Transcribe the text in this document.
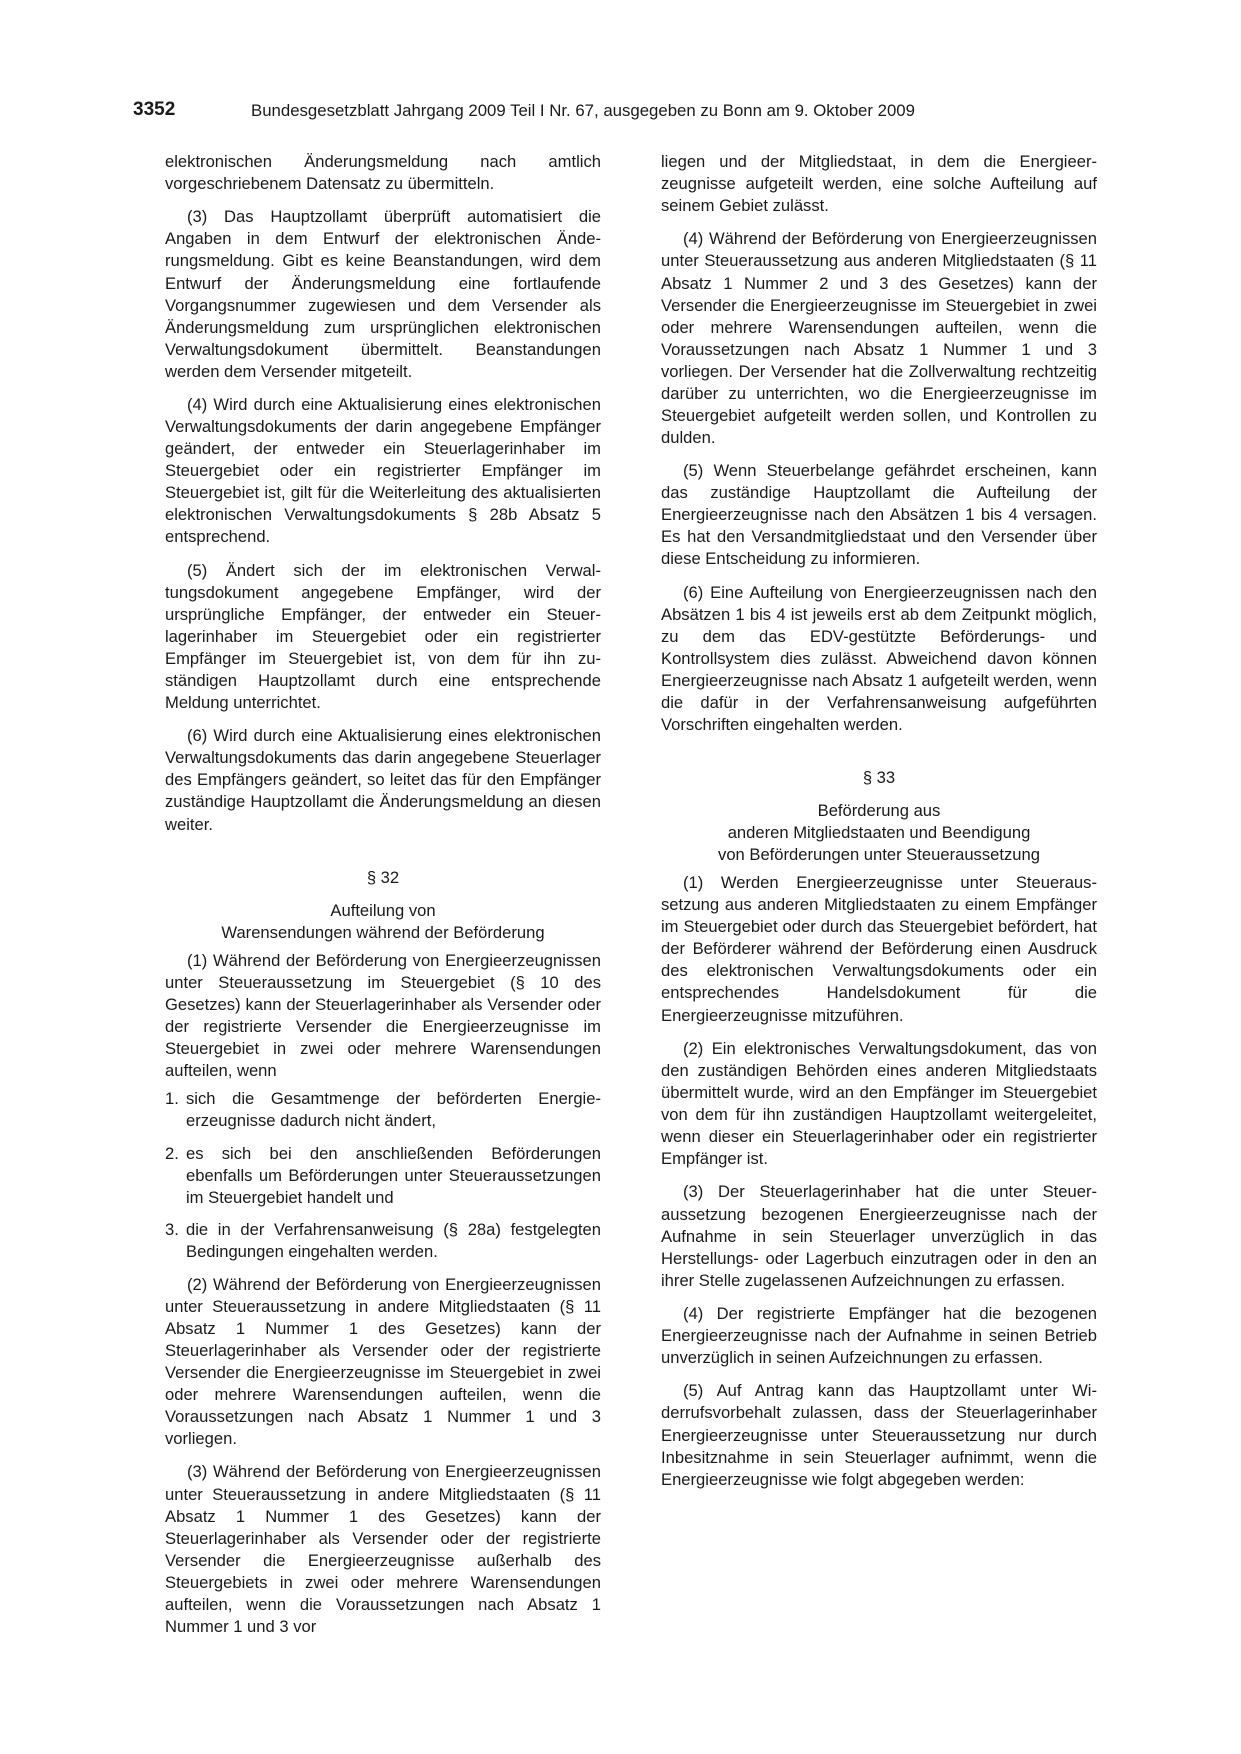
3352	Bundesgesetzblatt Jahrgang 2009 Teil I Nr. 67, ausgegeben zu Bonn am 9. Oktober 2009

elektronischen Änderungsmeldung nach amtlich vorgeschriebenem Datensatz zu übermitteln.

(3) Das Hauptzollamt überprüft automatisiert die Angaben in dem Entwurf der elektronischen Änderungsmeldung. Gibt es keine Beanstandungen, wird dem Entwurf der Änderungsmeldung eine fortlaufende Vorgangsnummer zugewiesen und dem Versender als Änderungsmeldung zum ursprünglichen elektronischen Verwaltungsdokument übermittelt. Beanstandungen werden dem Versender mitgeteilt.

(4) Wird durch eine Aktualisierung eines elektronischen Verwaltungsdokuments der darin angegebene Empfänger geändert, der entweder ein Steuerlagerinhaber im Steuergebiet oder ein registrierter Empfänger im Steuergebiet ist, gilt für die Weiterleitung des aktualisierten elektronischen Verwaltungsdokuments § 28b Absatz 5 entsprechend.

(5) Ändert sich der im elektronischen Verwaltungsdokument angegebene Empfänger, wird der ursprüngliche Empfänger, der entweder ein Steuerlagerinhaber im Steuergebiet oder ein registrierter Empfänger im Steuergebiet ist, von dem für ihn zuständigen Hauptzollamt durch eine entsprechende Meldung unterrichtet.

(6) Wird durch eine Aktualisierung eines elektronischen Verwaltungsdokuments das darin angegebene Steuerlager des Empfängers geändert, so leitet das für den Empfänger zuständige Hauptzollamt die Änderungsmeldung an diesen weiter.

§ 32

Aufteilung von
Warensendungen während der Beförderung

(1) Während der Beförderung von Energieerzeugnissen unter Steueraussetzung im Steuergebiet (§ 10 des Gesetzes) kann der Steuerlagerinhaber als Versender oder der registrierte Versender die Energieerzeugnisse im Steuergebiet in zwei oder mehrere Warensendungen aufteilen, wenn

1. sich die Gesamtmenge der beförderten Energieerzeugnisse dadurch nicht ändert,
2. es sich bei den anschließenden Beförderungen ebenfalls um Beförderungen unter Steueraussetzungen im Steuergebiet handelt und
3. die in der Verfahrensanweisung (§ 28a) festgelegten Bedingungen eingehalten werden.

(2) Während der Beförderung von Energieerzeugnissen unter Steueraussetzung in andere Mitgliedstaaten (§ 11 Absatz 1 Nummer 1 des Gesetzes) kann der Steuerlagerinhaber als Versender oder der registrierte Versender die Energieerzeugnisse im Steuergebiet in zwei oder mehrere Warensendungen aufteilen, wenn die Voraussetzungen nach Absatz 1 Nummer 1 und 3 vorliegen.

(3) Während der Beförderung von Energieerzeugnissen unter Steueraussetzung in andere Mitgliedstaaten (§ 11 Absatz 1 Nummer 1 des Gesetzes) kann der Steuerlagerinhaber als Versender oder der registrierte Versender die Energieerzeugnisse außerhalb des Steuergebiets in zwei oder mehrere Warensendungen aufteilen, wenn die Voraussetzungen nach Absatz 1 Nummer 1 und 3 vor

liegen und der Mitgliedstaat, in dem die Energieerzeugnisse aufgeteilt werden, eine solche Aufteilung auf seinem Gebiet zulässt.

(4) Während der Beförderung von Energieerzeugnissen unter Steueraussetzung aus anderen Mitgliedstaaten (§ 11 Absatz 1 Nummer 2 und 3 des Gesetzes) kann der Versender die Energieerzeugnisse im Steuergebiet in zwei oder mehrere Warensendungen aufteilen, wenn die Voraussetzungen nach Absatz 1 Nummer 1 und 3 vorliegen. Der Versender hat die Zollverwaltung rechtzeitig darüber zu unterrichten, wo die Energieerzeugnisse im Steuergebiet aufgeteilt werden sollen, und Kontrollen zu dulden.

(5) Wenn Steuerbelange gefährdet erscheinen, kann das zuständige Hauptzollamt die Aufteilung der Energieerzeugnisse nach den Absätzen 1 bis 4 versagen. Es hat den Versandmitgliedstaat und den Versender über diese Entscheidung zu informieren.

(6) Eine Aufteilung von Energieerzeugnissen nach den Absätzen 1 bis 4 ist jeweils erst ab dem Zeitpunkt möglich, zu dem das EDV-gestützte Beförderungs- und Kontrollsystem dies zulässt. Abweichend davon können Energieerzeugnisse nach Absatz 1 aufgeteilt werden, wenn die dafür in der Verfahrensanweisung aufgeführten Vorschriften eingehalten werden.

§ 33

Beförderung aus
anderen Mitgliedstaaten und Beendigung
von Beförderungen unter Steueraussetzung

(1) Werden Energieerzeugnisse unter Steueraussetzung aus anderen Mitgliedstaaten zu einem Empfänger im Steuergebiet oder durch das Steuergebiet befördert, hat der Beförderer während der Beförderung einen Ausdruck des elektronischen Verwaltungsdokuments oder ein entsprechendes Handelsdokument für die Energieerzeugnisse mitzuführen.

(2) Ein elektronisches Verwaltungsdokument, das von den zuständigen Behörden eines anderen Mitgliedstaats übermittelt wurde, wird an den Empfänger im Steuergebiet von dem für ihn zuständigen Hauptzollamt weitergeleitet, wenn dieser ein Steuerlagerinhaber oder ein registrierter Empfänger ist.

(3) Der Steuerlagerinhaber hat die unter Steueraussetzung bezogenen Energieerzeugnisse nach der Aufnahme in sein Steuerlager unverzüglich in das Herstellungs- oder Lagerbuch einzutragen oder in den an ihrer Stelle zugelassenen Aufzeichnungen zu erfassen.

(4) Der registrierte Empfänger hat die bezogenen Energieerzeugnisse nach der Aufnahme in seinen Betrieb unverzüglich in seinen Aufzeichnungen zu erfassen.

(5) Auf Antrag kann das Hauptzollamt unter Widerrufsvorbehalt zulassen, dass der Steuerlagerinhaber Energieerzeugnisse unter Steueraussetzung nur durch Inbesitznahme in sein Steuerlager aufnimmt, wenn die Energieerzeugnisse wie folgt abgegeben werden:
